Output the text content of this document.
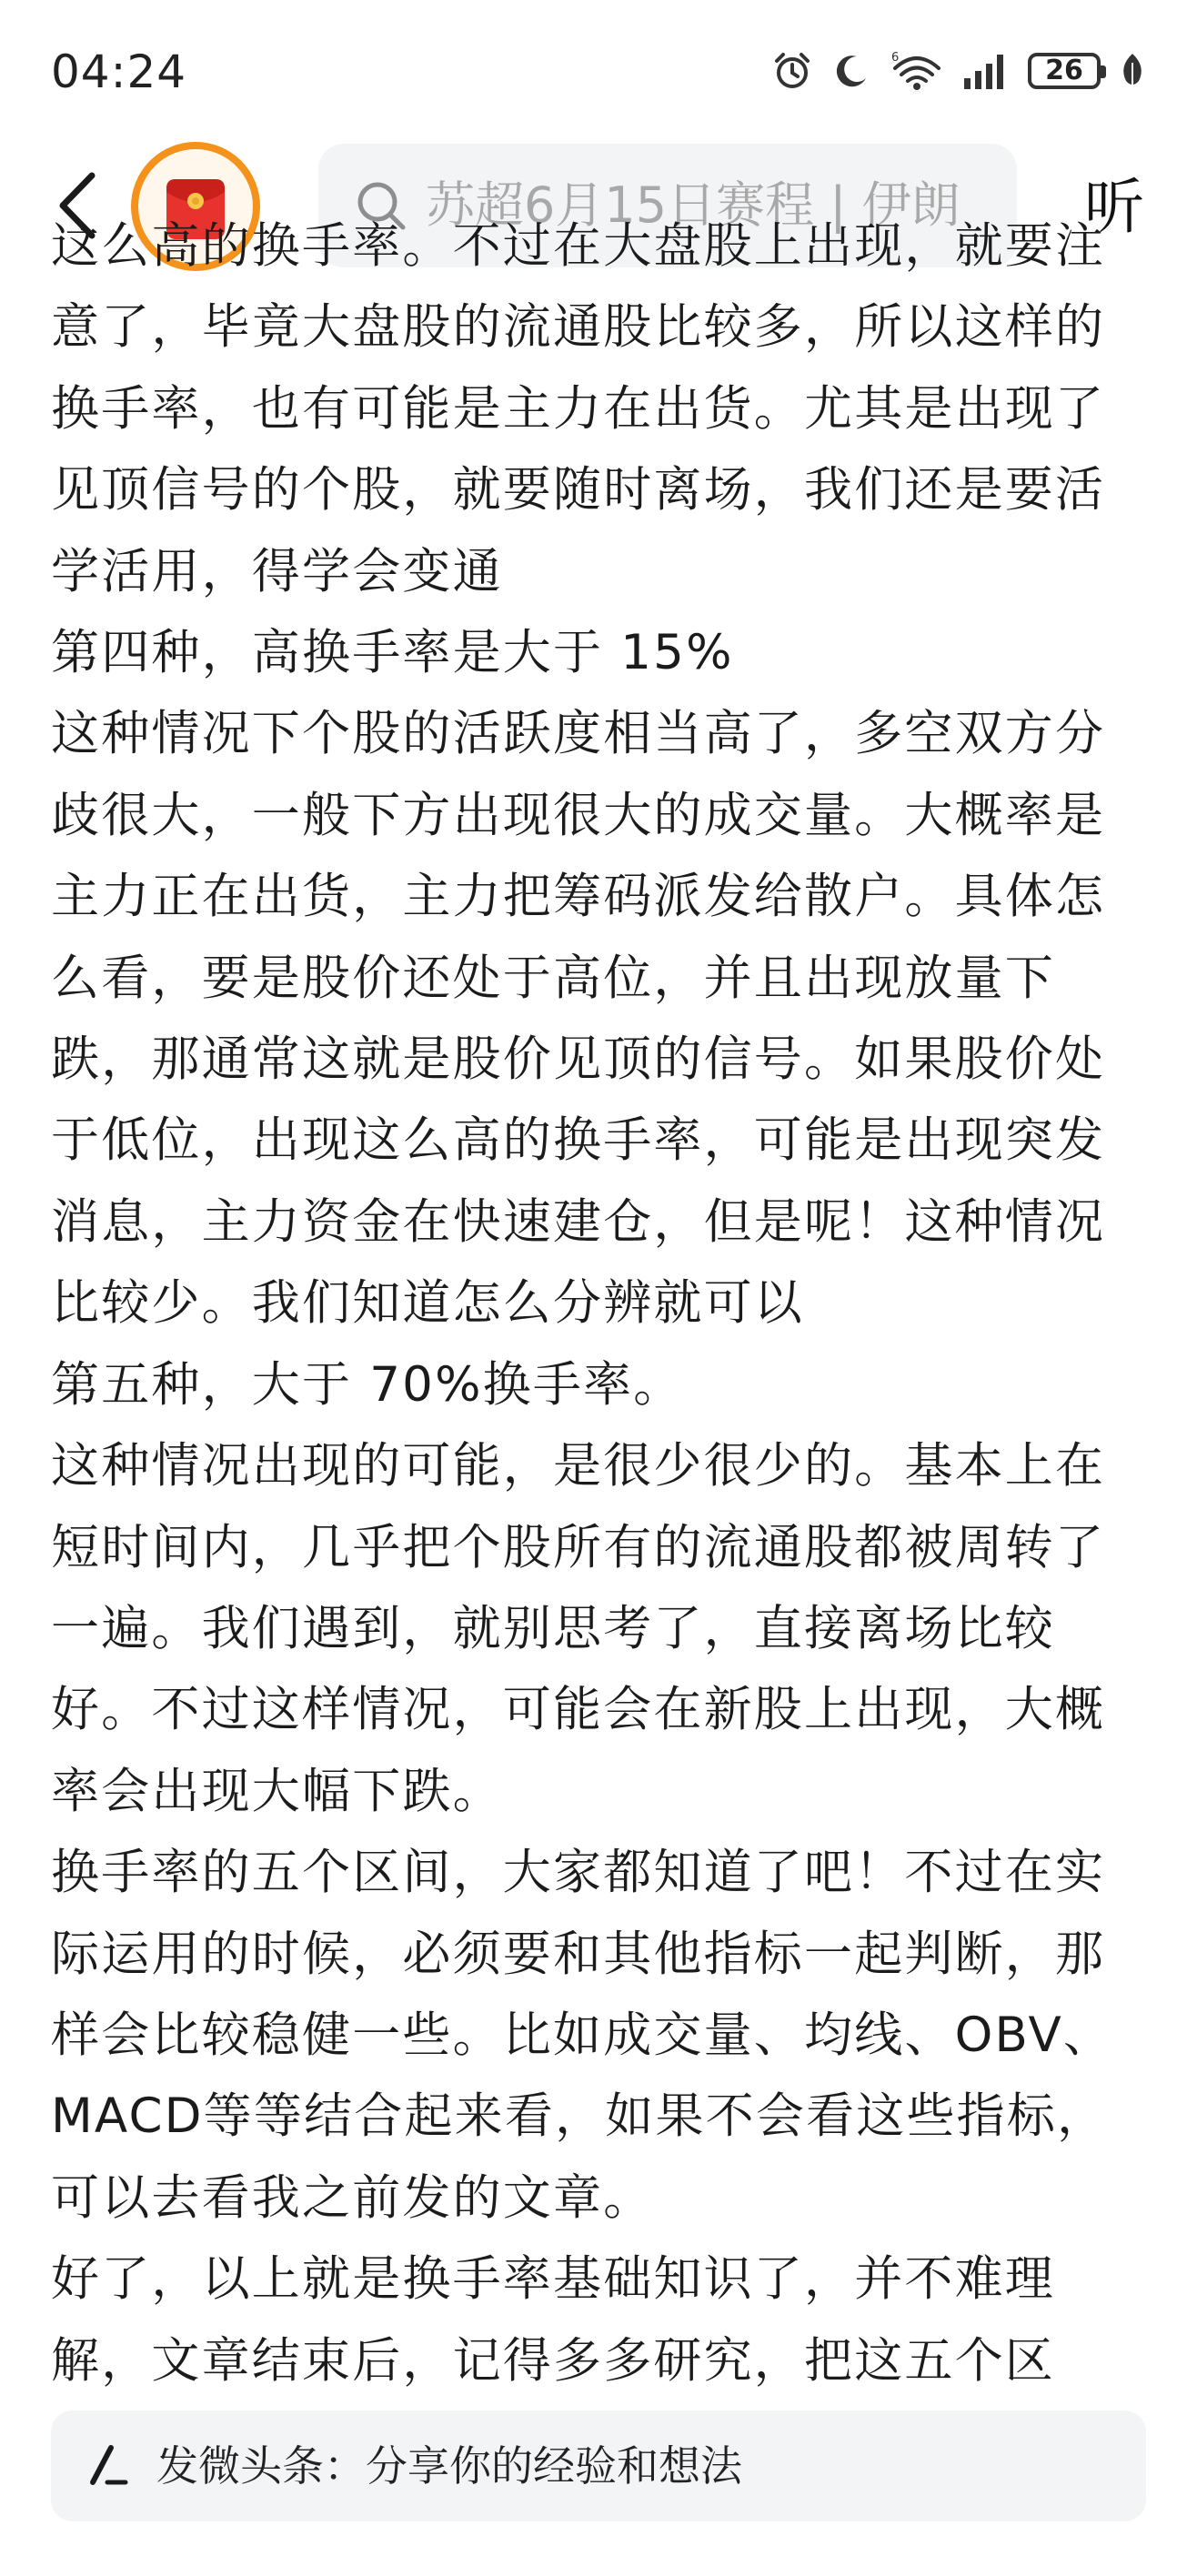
04:24	6	26
苏超6月15日赛程 | 伊朗
听

这么高的换手率。不过在大盘股上出现，就要注意了，毕竟大盘股的流通股比较多，所以这样的换手率，也有可能是主力在出货。尤其是出现了见顶信号的个股，就要随时离场，我们还是要活学活用，得学会变通

第四种，高换手率是大于 15%

这种情况下个股的活跃度相当高了，多空双方分歧很大，一般下方出现很大的成交量。大概率是主力正在出货，主力把筹码派发给散户。具体怎么看，要是股价还处于高位，并且出现放量下跌，那通常这就是股价见顶的信号。如果股价处于低位，出现这么高的换手率，可能是出现突发消息，主力资金在快速建仓，但是呢！这种情况比较少。我们知道怎么分辨就可以

第五种，大于 70%换手率。

这种情况出现的可能，是很少很少的。基本上在短时间内，几乎把个股所有的流通股都被周转了一遍。我们遇到，就别思考了，直接离场比较好。不过这样情况，可能会在新股上出现，大概率会出现大幅下跌。

换手率的五个区间，大家都知道了吧！不过在实际运用的时候，必须要和其他指标一起判断，那样会比较稳健一些。比如成交量、均线、OBV、MACD等等结合起来看，如果不会看这些指标，可以去看我之前发的文章。

好了，以上就是换手率基础知识了，并不难理解，文章结束后，记得多多研究，把这五个区

发微头条：分享你的经验和想法
